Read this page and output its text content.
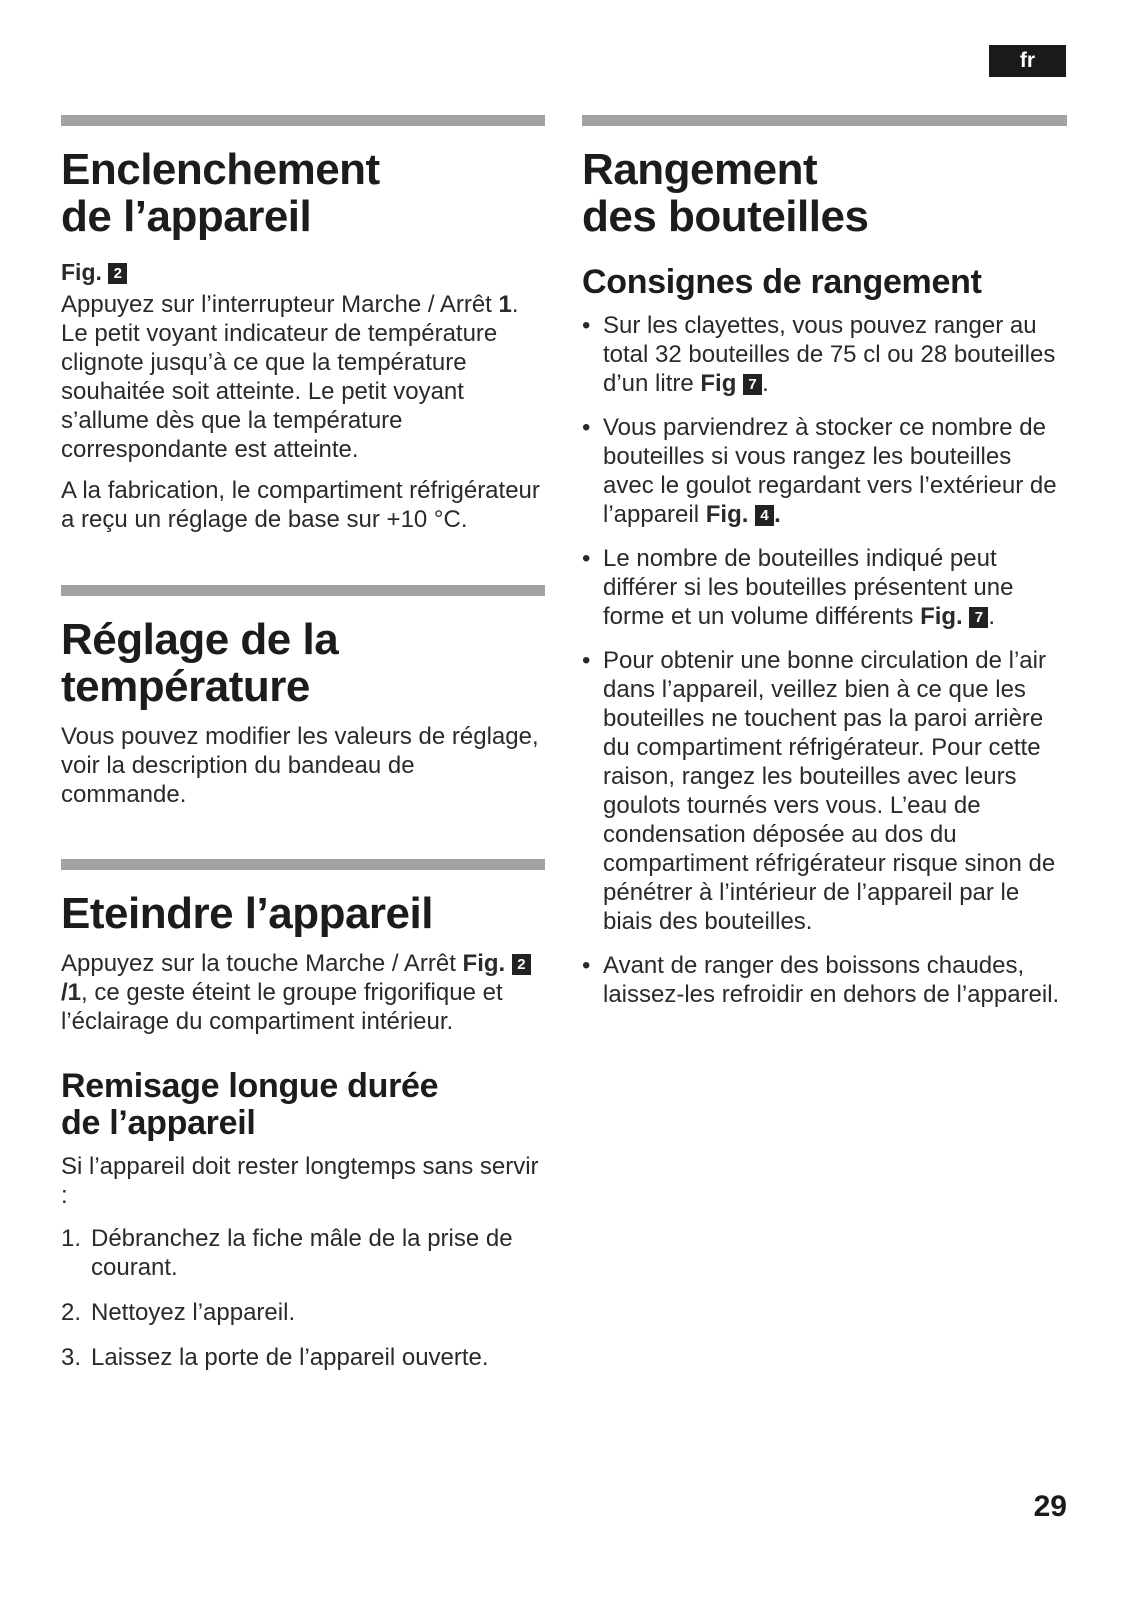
fr
Enclenchement
de l’appareil

Fig. 2

Appuyez sur l’interrupteur Marche / Arrêt 1. Le petit voyant indicateur de température clignote jusqu’à ce que la température souhaitée soit atteinte. Le petit voyant s’allume dès que la température correspondante est atteinte.

A la fabrication, le compartiment réfrigérateur a reçu un réglage de base sur +10 °C.

Réglage de la
température

Vous pouvez modifier les valeurs de réglage, voir la description du bandeau de commande.

Eteindre l’appareil

Appuyez sur la touche Marche / Arrêt Fig. 2/1, ce geste éteint le groupe frigorifique et l’éclairage du compartiment intérieur.

Remisage longue durée
de l’appareil

Si l’appareil doit rester longtemps sans servir :

1. Débranchez la fiche mâle de la prise de courant.
2. Nettoyez l’appareil.
3. Laissez la porte de l’appareil ouverte.
Rangement
des bouteilles
Consignes de rangement
• Sur les clayettes, vous pouvez ranger au total 32 bouteilles de 75 cl ou 28 bouteilles d’un litre Fig 7 .
• Vous parviendrez à stocker ce nombre de bouteilles si vous rangez les bouteilles avec le goulot regardant vers l’extérieur de l’appareil Fig. 4 .
• Le nombre de bouteilles indiqué peut différer si les bouteilles présentent une forme et un volume différents Fig. 7 .
• Pour obtenir une bonne circulation de l’air dans l’appareil, veillez bien à ce que les bouteilles ne touchent pas la paroi arrière du compartiment réfrigérateur. Pour cette raison, rangez les bouteilles avec leurs goulots tournés vers vous. L’eau de condensation déposée au dos du compartiment réfrigérateur risque sinon de pénétrer à l’intérieur de l’appareil par le biais des bouteilles.
• Avant de ranger des boissons chaudes, laissez-les refroidir en dehors de l’appareil.
29
